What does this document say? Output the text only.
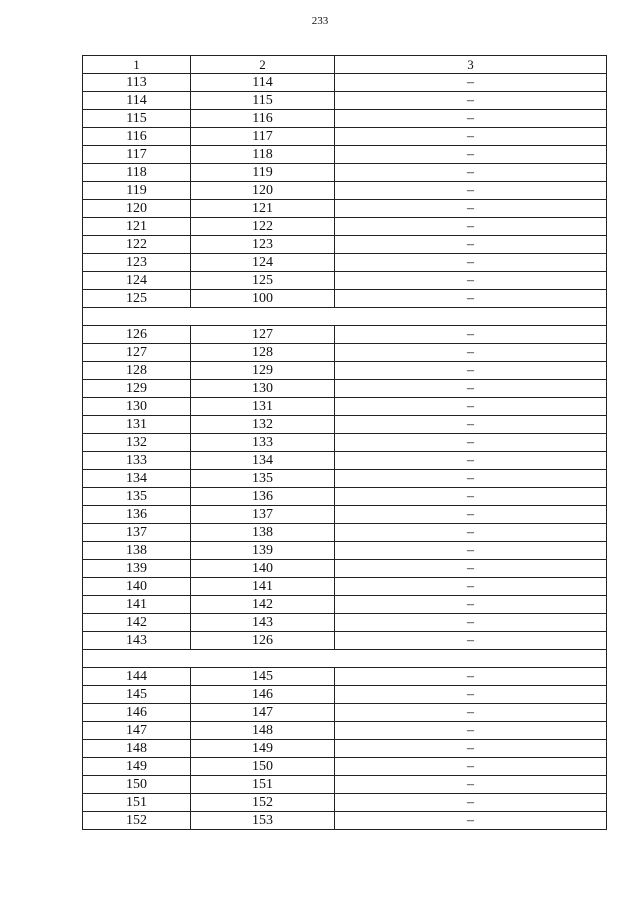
233
1	2	3
113	114	–
114	115	–
115	116	–
116	117	–
117	118	–
118	119	–
119	120	–
120	121	–
121	122	–
122	123	–
123	124	–
124	125	–
125	100	–

126	127	–
127	128	–
128	129	–
129	130	–
130	131	–
131	132	–
132	133	–
133	134	–
134	135	–
135	136	–
136	137	–
137	138	–
138	139	–
139	140	–
140	141	–
141	142	–
142	143	–
143	126	–

144	145	–
145	146	–
146	147	–
147	148	–
148	149	–
149	150	–
150	151	–
151	152	–
152	153	–
